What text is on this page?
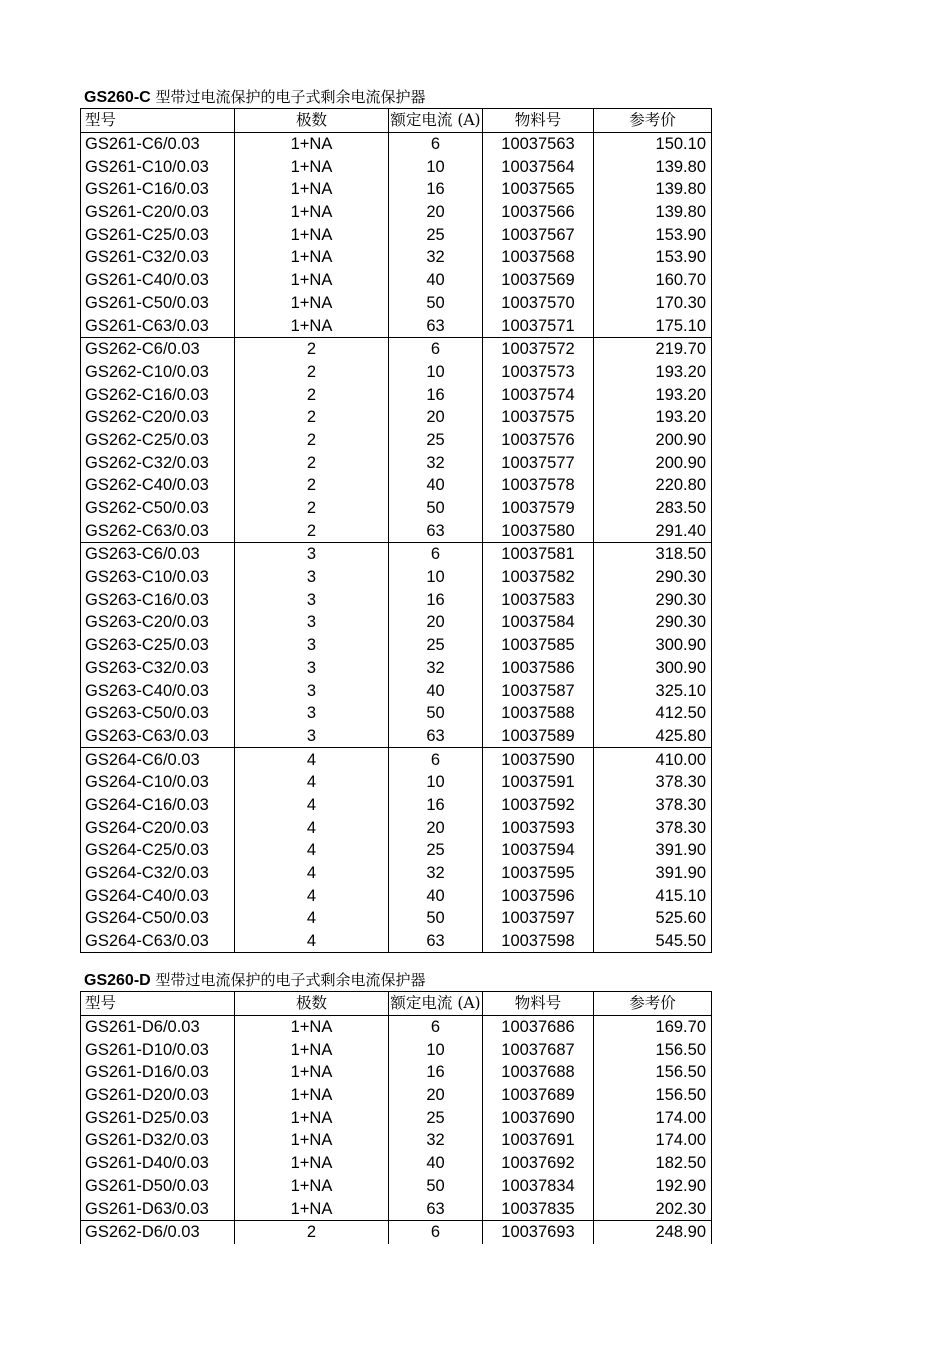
GS260-C 型带过电流保护的电子式剩余电流保护器
型号	极数	额定电流 (A)	物料号	参考价
GS261-C6/0.03	1+NA	6	10037563	150.10
GS261-C10/0.03	1+NA	10	10037564	139.80
GS261-C16/0.03	1+NA	16	10037565	139.80
GS261-C20/0.03	1+NA	20	10037566	139.80
GS261-C25/0.03	1+NA	25	10037567	153.90
GS261-C32/0.03	1+NA	32	10037568	153.90
GS261-C40/0.03	1+NA	40	10037569	160.70
GS261-C50/0.03	1+NA	50	10037570	170.30
GS261-C63/0.03	1+NA	63	10037571	175.10
GS262-C6/0.03	2	6	10037572	219.70
GS262-C10/0.03	2	10	10037573	193.20
GS262-C16/0.03	2	16	10037574	193.20
GS262-C20/0.03	2	20	10037575	193.20
GS262-C25/0.03	2	25	10037576	200.90
GS262-C32/0.03	2	32	10037577	200.90
GS262-C40/0.03	2	40	10037578	220.80
GS262-C50/0.03	2	50	10037579	283.50
GS262-C63/0.03	2	63	10037580	291.40
GS263-C6/0.03	3	6	10037581	318.50
GS263-C10/0.03	3	10	10037582	290.30
GS263-C16/0.03	3	16	10037583	290.30
GS263-C20/0.03	3	20	10037584	290.30
GS263-C25/0.03	3	25	10037585	300.90
GS263-C32/0.03	3	32	10037586	300.90
GS263-C40/0.03	3	40	10037587	325.10
GS263-C50/0.03	3	50	10037588	412.50
GS263-C63/0.03	3	63	10037589	425.80
GS264-C6/0.03	4	6	10037590	410.00
GS264-C10/0.03	4	10	10037591	378.30
GS264-C16/0.03	4	16	10037592	378.30
GS264-C20/0.03	4	20	10037593	378.30
GS264-C25/0.03	4	25	10037594	391.90
GS264-C32/0.03	4	32	10037595	391.90
GS264-C40/0.03	4	40	10037596	415.10
GS264-C50/0.03	4	50	10037597	525.60
GS264-C63/0.03	4	63	10037598	545.50
GS260-D 型带过电流保护的电子式剩余电流保护器
型号	极数	额定电流 (A)	物料号	参考价
GS261-D6/0.03	1+NA	6	10037686	169.70
GS261-D10/0.03	1+NA	10	10037687	156.50
GS261-D16/0.03	1+NA	16	10037688	156.50
GS261-D20/0.03	1+NA	20	10037689	156.50
GS261-D25/0.03	1+NA	25	10037690	174.00
GS261-D32/0.03	1+NA	32	10037691	174.00
GS261-D40/0.03	1+NA	40	10037692	182.50
GS261-D50/0.03	1+NA	50	10037834	192.90
GS261-D63/0.03	1+NA	63	10037835	202.30
GS262-D6/0.03	2	6	10037693	248.90
